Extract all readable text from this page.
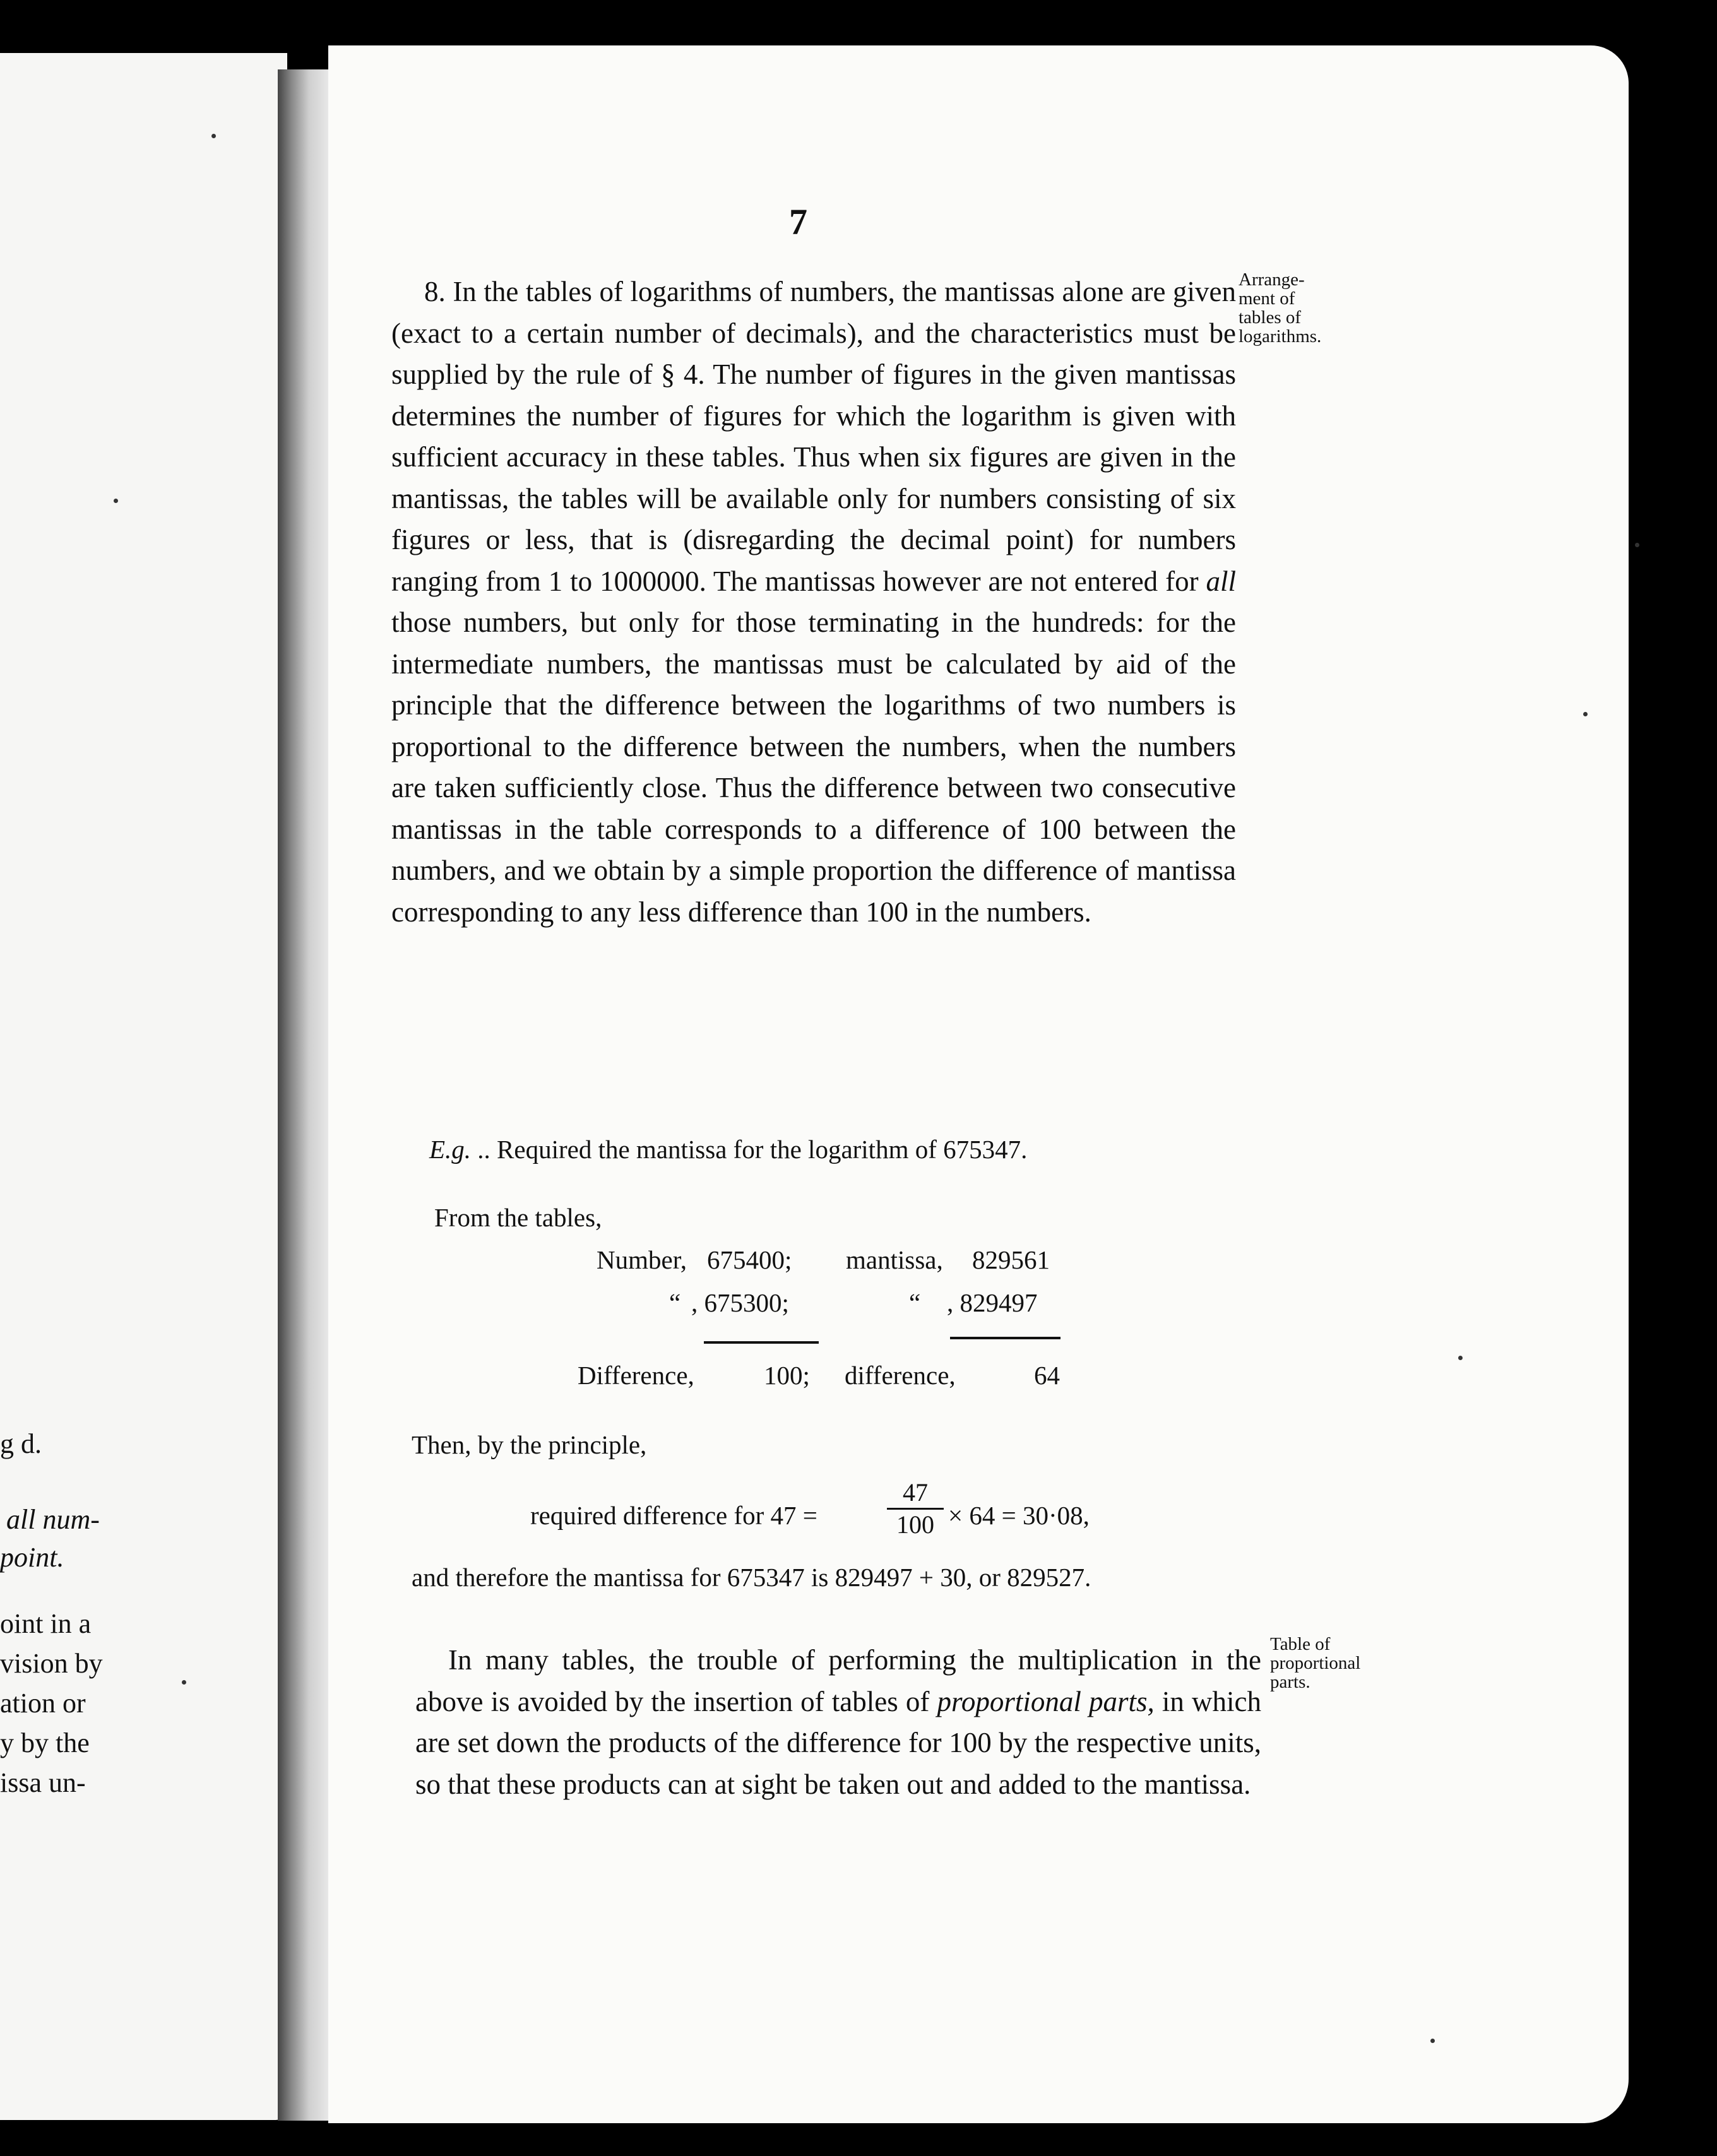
g d.
all num-
point.
oint in a
vision by
ation or
y by the
issa un-
7
Arrange-
ment of
tables of
logarithms.

8. In the tables of logarithms of numbers, the mantissas alone are given (exact to a certain number of decimals), and the characteristics must be supplied by the rule of § 4. The number of figures in the given mantissas determines the number of figures for which the logarithm is given with sufficient accuracy in these tables. Thus when six figures are given in the mantissas, the tables will be available only for numbers consisting of six figures or less, that is (disregarding the decimal point) for numbers ranging from 1 to 1000000. The mantissas however are not entered for all those numbers, but only for those terminating in the hundreds: for the intermediate numbers, the mantissas must be calculated by aid of the principle that the difference between the logarithms of two numbers is proportional to the difference between the numbers, when the numbers are taken sufficiently close. Thus the difference between two consecutive mantissas in the table corresponds to a difference of 100 between the numbers, and we obtain by a simple proportion the difference of mantissa corresponding to any less difference than 100 in the numbers.

E.g. .. Required the mantissa for the logarithm of 675347.
From the tables,
Number, 675400; mantissa, 829561
“ , 675300;	“ , 829497
Difference,	100; difference,	64
Then, by the principle,
required difference for 47 =
47
100 × 64 = 30·08,
and therefore the mantissa for 675347 is 829497 + 30, or 829527.
Table of
proportional
parts.

In many tables, the trouble of performing the multiplication in the above is avoided by the insertion of tables of proportional parts, in which are set down the products of the difference for 100 by the respective units, so that these products can at sight be taken out and added to the mantissa.
